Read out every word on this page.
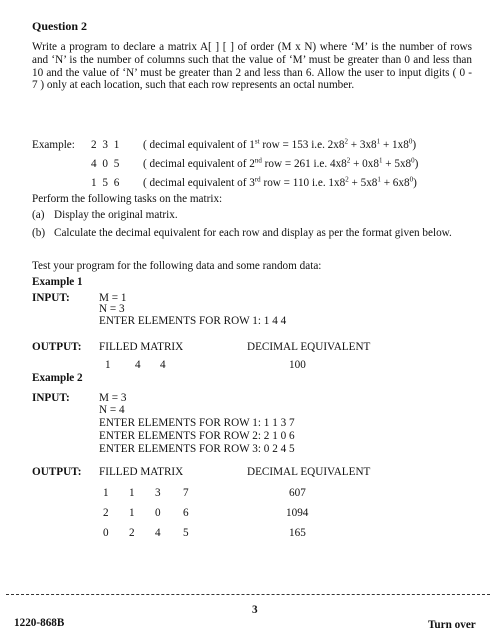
Question 2
Write a program to declare a matrix A[ ] [ ] of order (M x N) where ‘M’ is the number of rows and ‘N’ is the number of columns such that the value of ‘M’ must be greater than 0 and less than 10 and the value of ‘N’ must be greater than 2 and less than 6. Allow the user to input digits ( 0 - 7 ) only at each location, such that each row represents an octal number.
Example: 2 3 1 ( decimal equivalent of 1st row = 153 i.e. $2x8^2 + 3x8^1 + 1x8^0$)
4 0 5 ( decimal equivalent of 2nd row = 261 i.e. $4x8^2 + 0x8^1 + 5x8^0$)
1 5 6 ( decimal equivalent of 3rd row = 110 i.e. $1x8^2 + 5x8^1 + 6x8^0$)
Perform the following tasks on the matrix:
(a) Display the original matrix.
(b) Calculate the decimal equivalent for each row and display as per the format given below.
Test your program for the following data and some random data:
Example 1
INPUT:	M = 1
N = 3
ENTER ELEMENTS FOR ROW 1: 1 4 4
OUTPUT: FILLED MATRIX	DECIMAL EQUIVALENT
1 4 4	100
Example 2
INPUT:	M = 3
N = 4
ENTER ELEMENTS FOR ROW 1: 1 1 3 7
ENTER ELEMENTS FOR ROW 2: 2 1 0 6
ENTER ELEMENTS FOR ROW 3: 0 2 4 5
OUTPUT: FILLED MATRIX	DECIMAL EQUIVALENT
1 1 3 7	607
2 1 0 6	1094
0 2 4 5	165
3
1220-868B	Turn over
